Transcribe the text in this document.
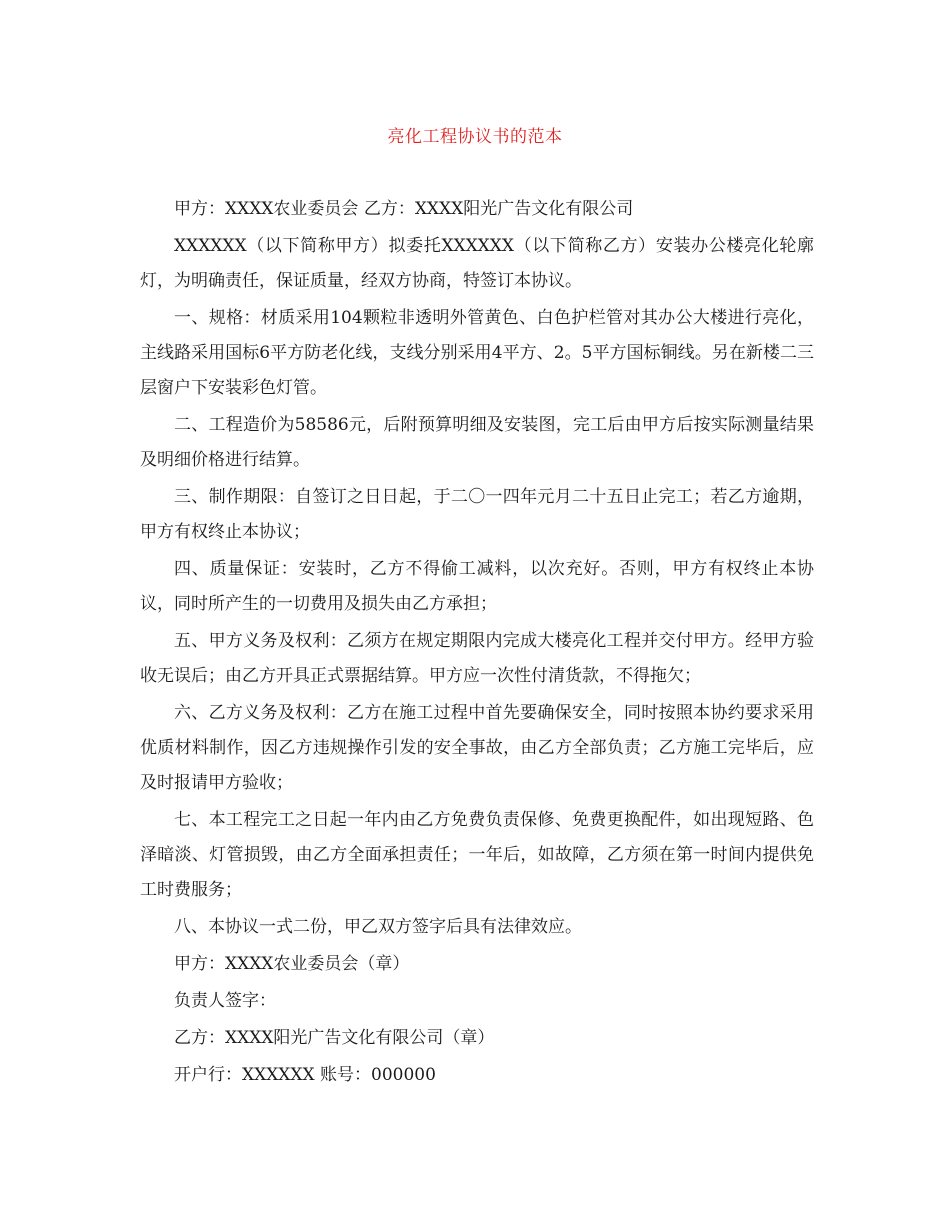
亮化工程协议书的范本

甲方：XXXX农业委员会 乙方：XXXX阳光广告文化有限公司

XXXXXX（以下简称甲方）拟委托XXXXXX（以下简称乙方）安装办公楼亮化轮廓灯，为明确责任，保证质量，经双方协商，特签订本协议。

一、规格：材质采用104颗粒非透明外管黄色、白色护栏管对其办公大楼进行亮化，主线路采用国标6平方防老化线，支线分别采用4平方、2。5平方国标铜线。另在新楼二三层窗户下安装彩色灯管。

二、工程造价为58586元，后附预算明细及安装图，完工后由甲方后按实际测量结果及明细价格进行结算。

三、制作期限：自签订之日日起，于二〇一四年元月二十五日止完工；若乙方逾期，甲方有权终止本协议；

四、质量保证：安装时，乙方不得偷工减料，以次充好。否则，甲方有权终止本协议，同时所产生的一切费用及损失由乙方承担；

五、甲方义务及权利：乙须方在规定期限内完成大楼亮化工程并交付甲方。经甲方验收无误后；由乙方开具正式票据结算。甲方应一次性付清货款，不得拖欠；

六、乙方义务及权利：乙方在施工过程中首先要确保安全，同时按照本协约要求采用优质材料制作，因乙方违规操作引发的安全事故，由乙方全部负责；乙方施工完毕后，应及时报请甲方验收；

七、本工程完工之日起一年内由乙方免费负责保修、免费更换配件，如出现短路、色泽暗淡、灯管损毁，由乙方全面承担责任；一年后，如故障，乙方须在第一时间内提供免工时费服务；

八、本协议一式二份，甲乙双方签字后具有法律效应。

甲方：XXXX农业委员会（章）

负责人签字：

乙方：XXXX阳光广告文化有限公司（章）

开户行：XXXXXX 账号：000000
